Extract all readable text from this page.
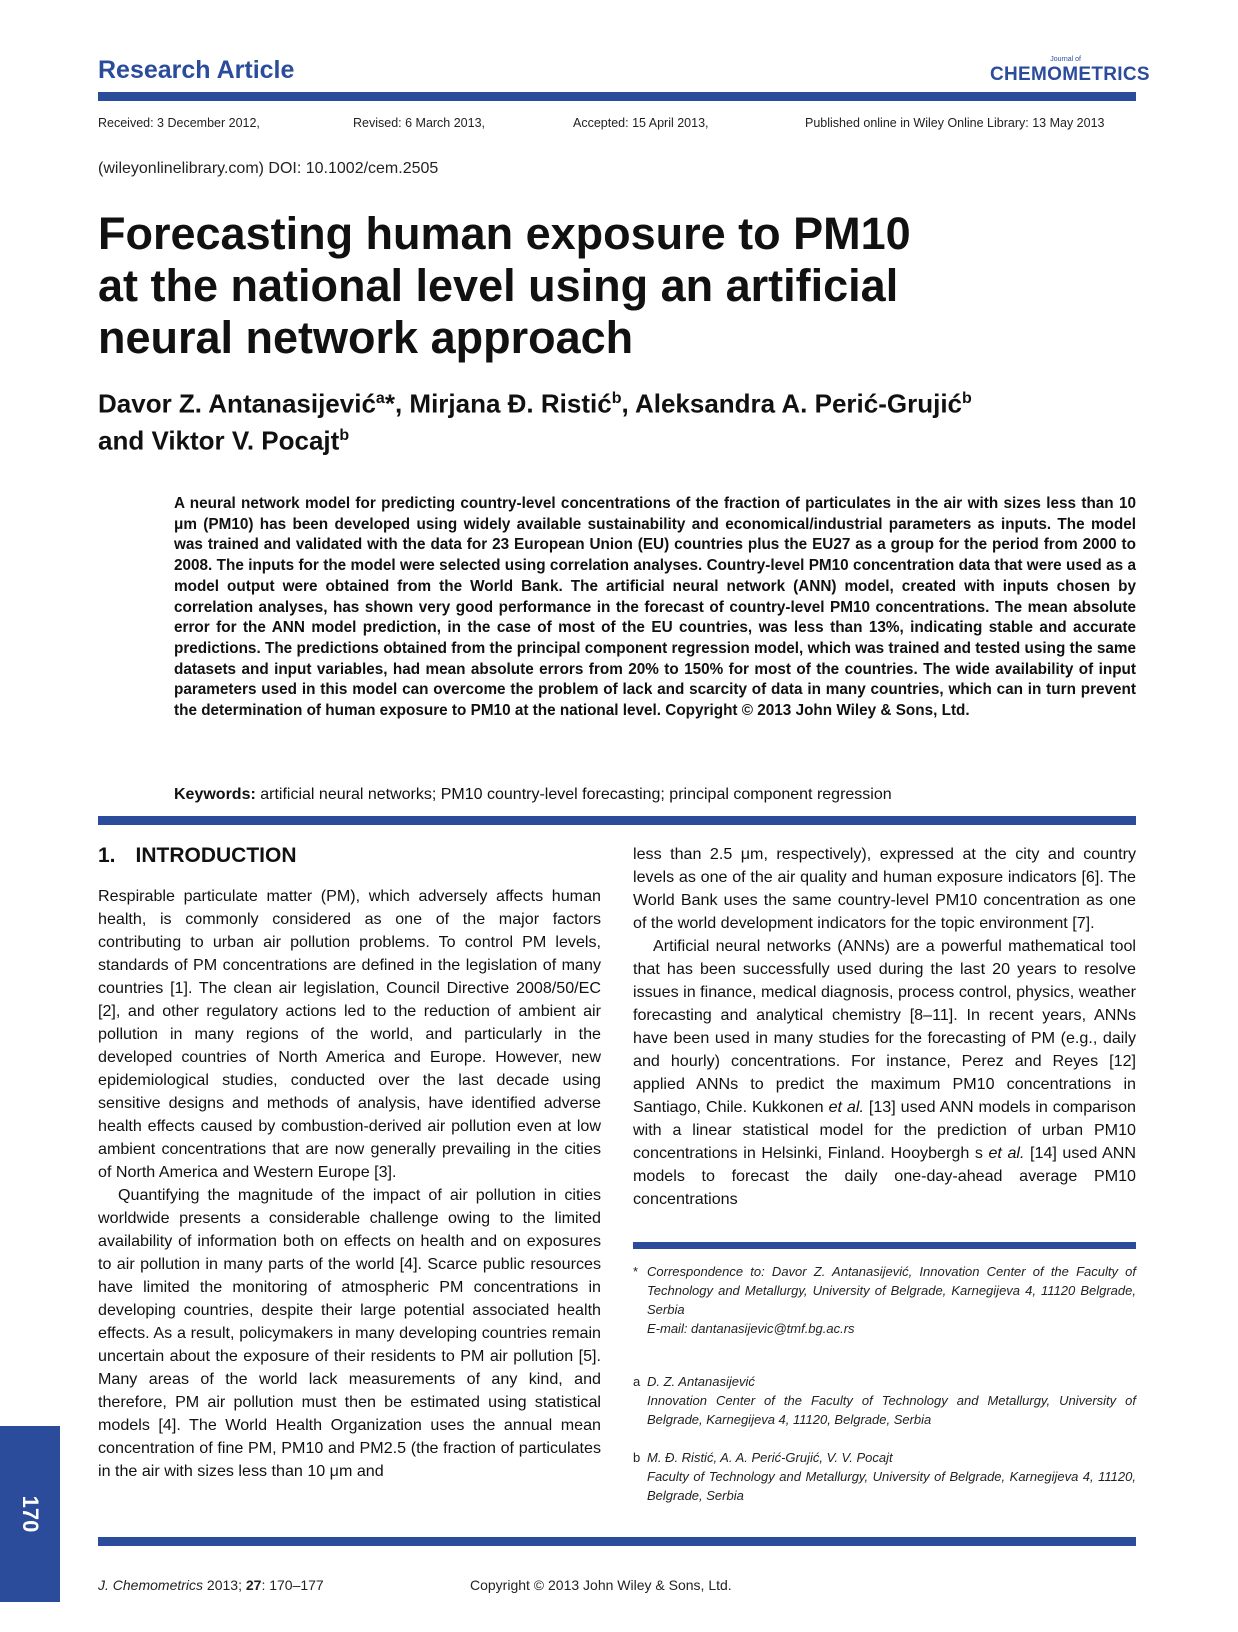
Research Article	Journal of
CHEMOMETRICS
Received: 3 December 2012,	Revised: 6 March 2013,	Accepted: 15 April 2013,	Published online in Wiley Online Library: 13 May 2013
(wileyonlinelibrary.com) DOI: 10.1002/cem.2505
Forecasting human exposure to PM10
at the national level using an artificial
neural network approach
Davor Z. Antanasijević$^a$*, Mirjana Đ. Ristić$^b$, Aleksandra A. Perić-Grujić$^b$
and Viktor V. Pocajt$^b$
A neural network model for predicting country-level concentrations of the fraction of particulates in the air with sizes less than 10 μm (PM10) has been developed using widely available sustainability and economical/industrial parameters as inputs. The model was trained and validated with the data for 23 European Union (EU) countries plus the EU27 as a group for the period from 2000 to 2008. The inputs for the model were selected using correlation analyses. Country-level PM10 concentration data that were used as a model output were obtained from the World Bank. The artificial neural network (ANN) model, created with inputs chosen by correlation analyses, has shown very good performance in the forecast of country-level PM10 concentrations. The mean absolute error for the ANN model prediction, in the case of most of the EU countries, was less than 13%, indicating stable and accurate predictions. The predictions obtained from the principal component regression model, which was trained and tested using the same datasets and input variables, had mean absolute errors from 20% to 150% for most of the countries. The wide availability of input parameters used in this model can overcome the problem of lack and scarcity of data in many countries, which can in turn prevent the determination of human exposure to PM10 at the national level. Copyright © 2013 John Wiley & Sons, Ltd.
Keywords: artificial neural networks; PM10 country-level forecasting; principal component regression
1. INTRODUCTION

Respirable particulate matter (PM), which adversely affects human health, is commonly considered as one of the major factors contributing to urban air pollution problems. To control PM levels, standards of PM concentrations are defined in the legislation of many countries [1]. The clean air legislation, Council Directive 2008/50/EC [2], and other regulatory actions led to the reduction of ambient air pollution in many regions of the world, and particularly in the developed countries of North America and Europe. However, new epidemiological studies, conducted over the last decade using sensitive designs and methods of analysis, have identified adverse health effects caused by combustion-derived air pollution even at low ambient concentrations that are now generally prevailing in the cities of North America and Western Europe [3].

Quantifying the magnitude of the impact of air pollution in cities worldwide presents a considerable challenge owing to the limited availability of information both on effects on health and on exposures to air pollution in many parts of the world [4]. Scarce public resources have limited the monitoring of atmospheric PM concentrations in developing countries, despite their large potential associated health effects. As a result, policymakers in many developing countries remain uncertain about the exposure of their residents to PM air pollution [5]. Many areas of the world lack measurements of any kind, and therefore, PM air pollution must then be estimated using statistical models [4]. The World Health Organization uses the annual mean concentration of fine PM, PM10 and PM2.5 (the fraction of particulates in the air with sizes less than 10 μm and

less than 2.5 μm, respectively), expressed at the city and country levels as one of the air quality and human exposure indicators [6]. The World Bank uses the same country-level PM10 concentration as one of the world development indicators for the topic environment [7].

Artificial neural networks (ANNs) are a powerful mathematical tool that has been successfully used during the last 20 years to resolve issues in finance, medical diagnosis, process control, physics, weather forecasting and analytical chemistry [8–11]. In recent years, ANNs have been used in many studies for the forecasting of PM (e.g., daily and hourly) concentrations. For instance, Perez and Reyes [12] applied ANNs to predict the maximum PM10 concentrations in Santiago, Chile. Kukkonen et al. [13] used ANN models in comparison with a linear statistical model for the prediction of urban PM10 concentrations in Helsinki, Finland. Hooybergh s et al. [14] used ANN models to forecast the daily one-day-ahead average PM10 concentrations

* Correspondence to: Davor Z. Antanasijević, Innovation Center of the Faculty of Technology and Metallurgy, University of Belgrade, Karnegijeva 4, 11120 Belgrade, Serbia
E-mail: dantanasijevic@tmf.bg.ac.rs
a D. Z. Antanasijević
Innovation Center of the Faculty of Technology and Metallurgy, University of Belgrade, Karnegijeva 4, 11120, Belgrade, Serbia
b M. Đ. Ristić, A. A. Perić-Grujić, V. V. Pocajt
Faculty of Technology and Metallurgy, University of Belgrade, Karnegijeva 4, 11120, Belgrade, Serbia
170
J. Chemometrics 2013; 27: 170–177	Copyright © 2013 John Wiley & Sons, Ltd.
